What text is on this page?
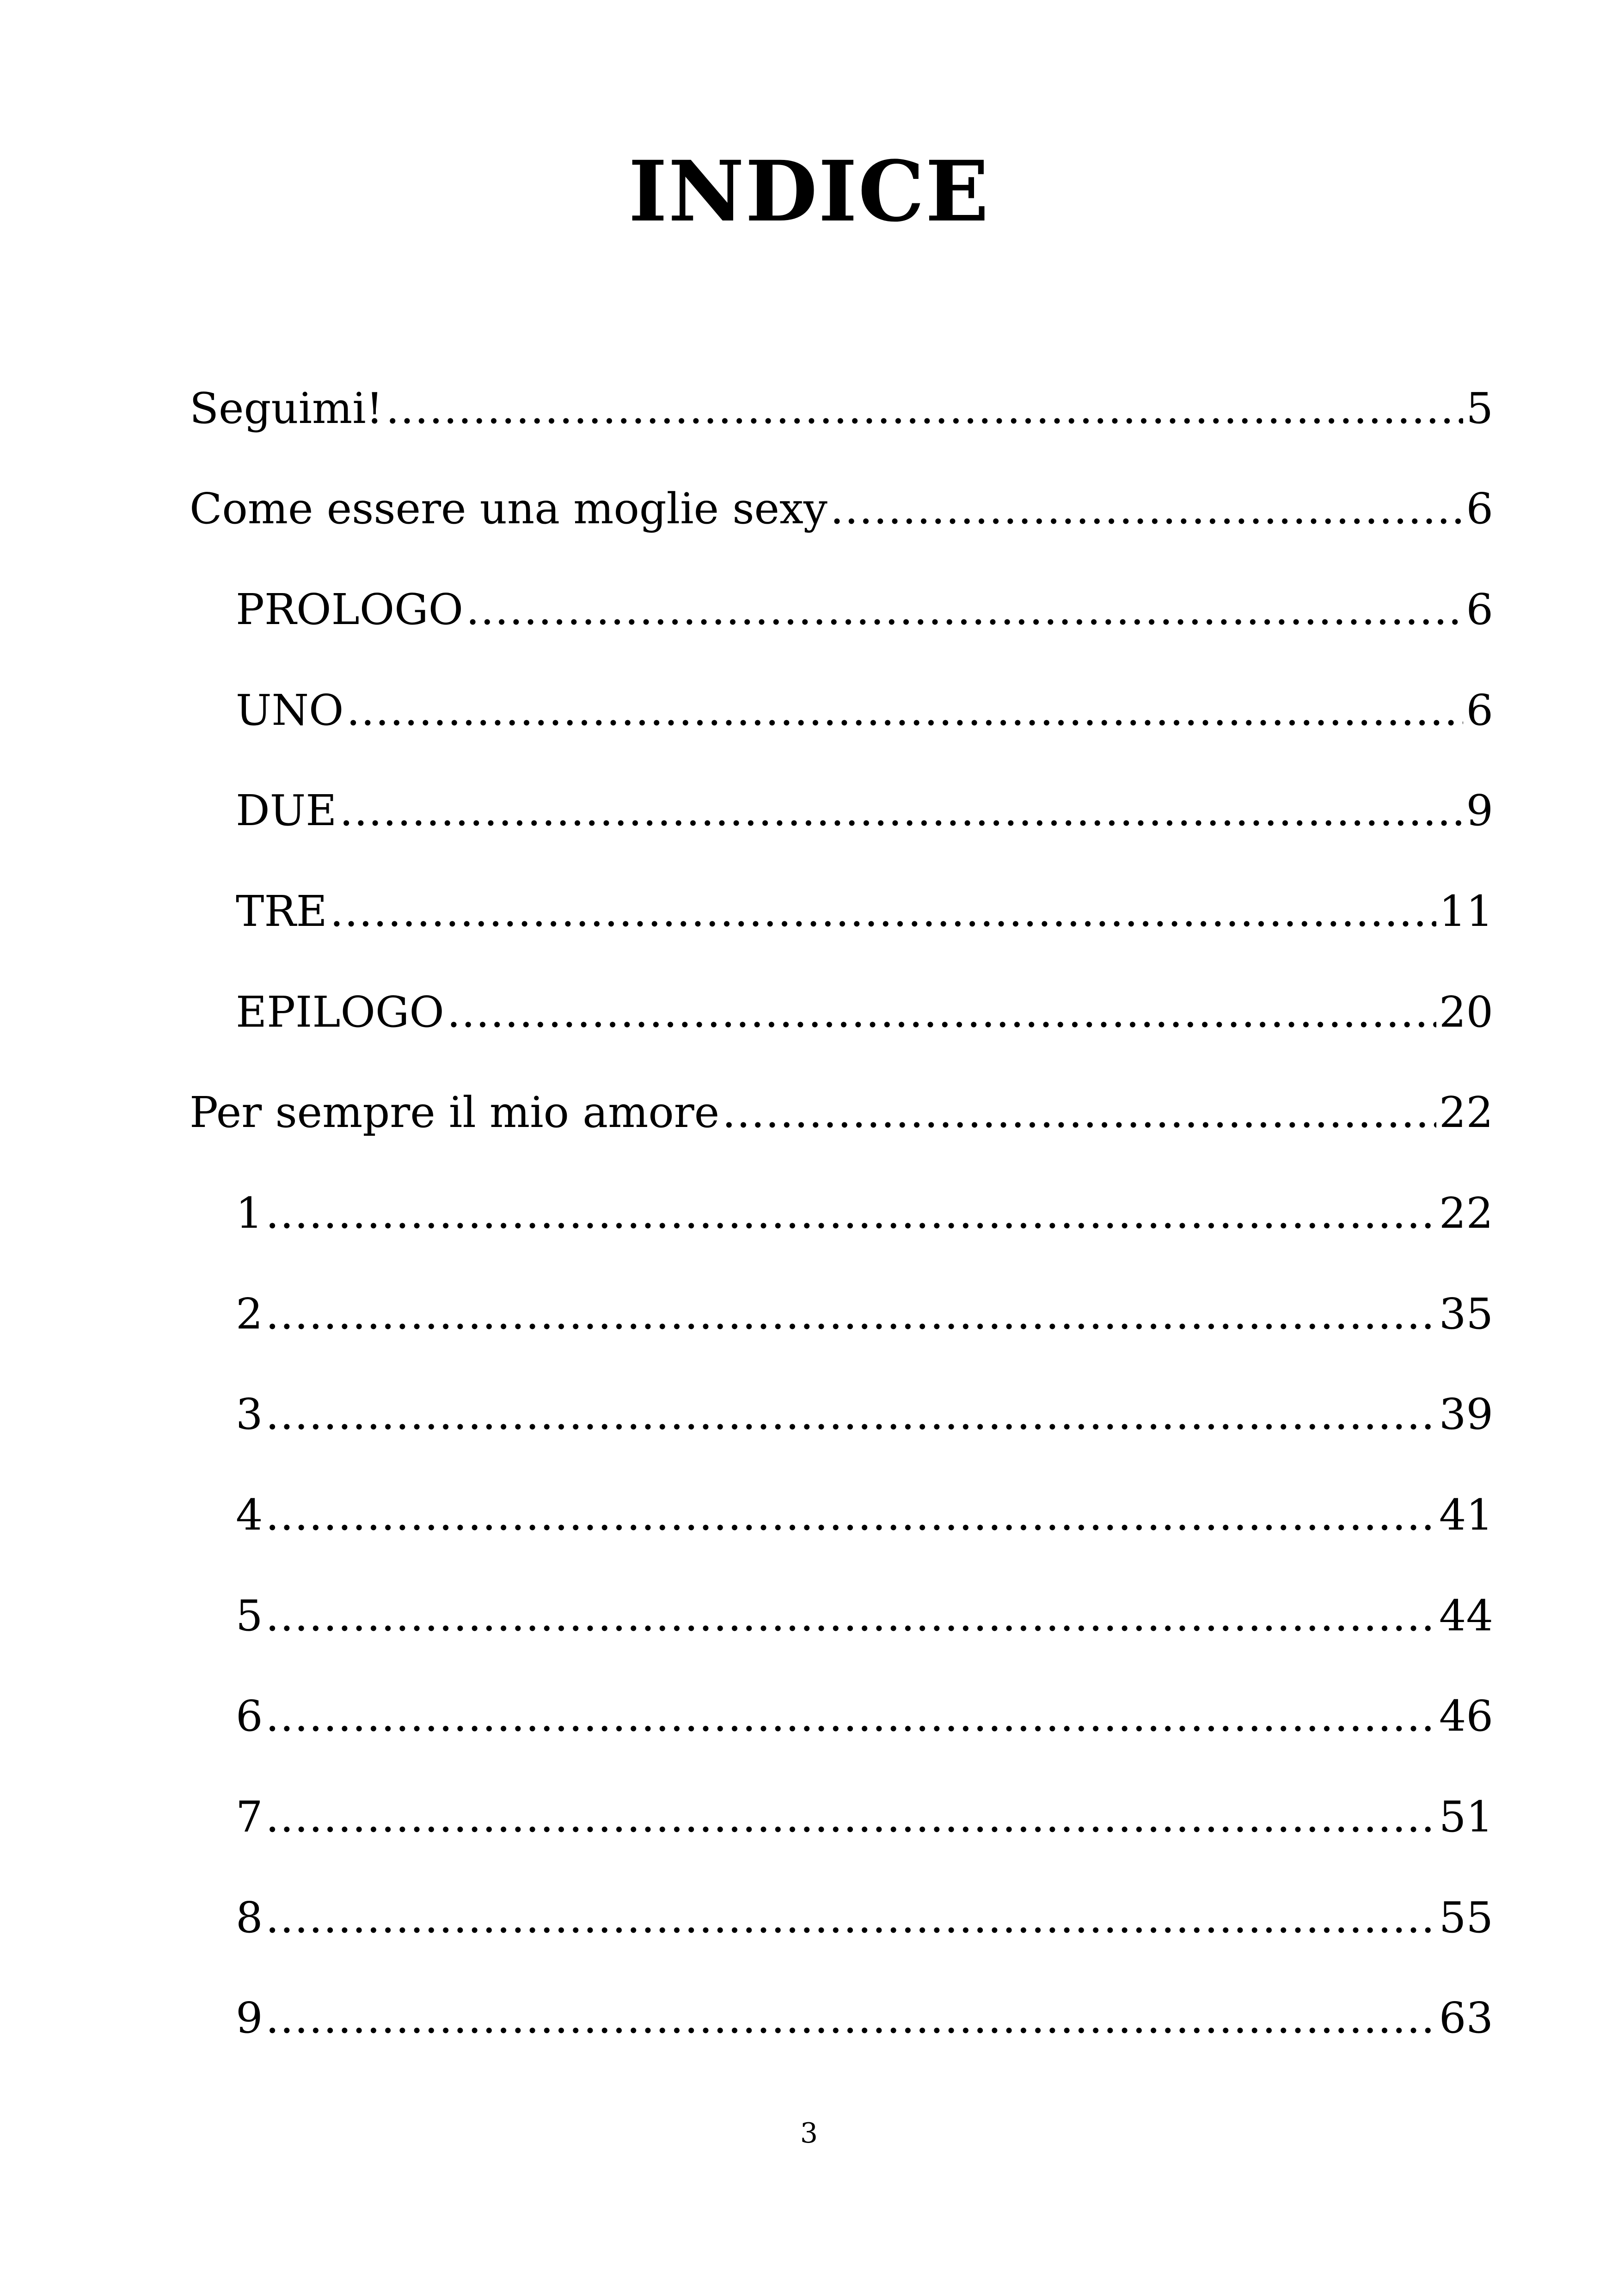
INDICE
Seguimi! .....	5
Come essere una moglie sexy .....	6
PROLOGO .....	6
UNO .....	6
DUE .....	9
TRE .....	11
EPILOGO .....	20
Per sempre il mio amore .....	22
1 .....	22
2 .....	35
3 .....	39
4 .....	41
5 .....	44
6 .....	46
7 .....	51
8 .....	55
9 .....	63
3
